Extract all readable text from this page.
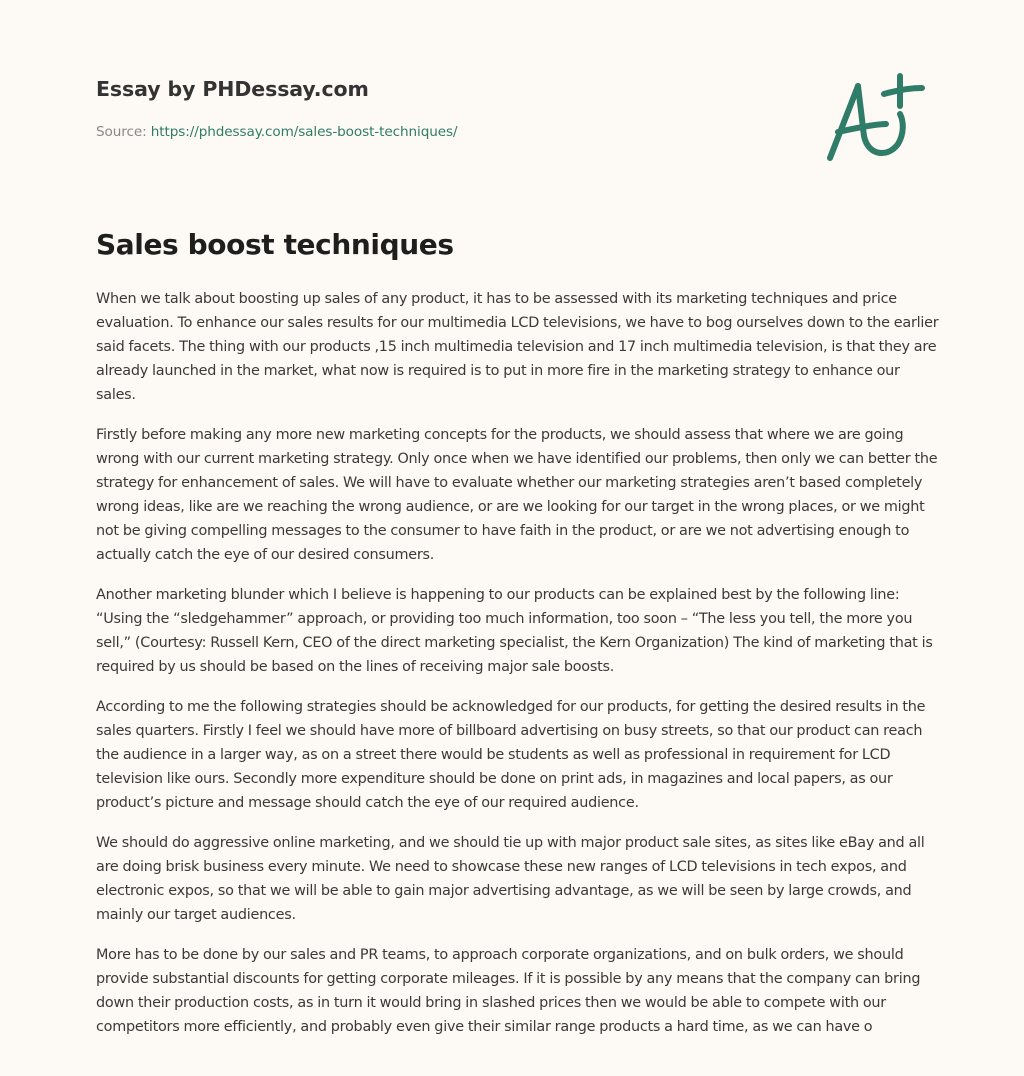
Essay by PHDessay.com
Source: https://phdessay.com/sales-boost-techniques/
Sales boost techniques

When we talk about boosting up sales of any product, it has to be assessed with its marketing techniques and price evaluation. To enhance our sales results for our multimedia LCD televisions, we have to bog ourselves down to the earlier said facets. The thing with our products ,15 inch multimedia television and 17 inch multimedia television, is that they are already launched in the market, what now is required is to put in more fire in the marketing strategy to enhance our sales.

Firstly before making any more new marketing concepts for the products, we should assess that where we are going wrong with our current marketing strategy. Only once when we have identified our problems, then only we can better the strategy for enhancement of sales. We will have to evaluate whether our marketing strategies aren’t based completely wrong ideas, like are we reaching the wrong audience, or are we looking for our target in the wrong places, or we might not be giving compelling messages to the consumer to have faith in the product, or are we not advertising enough to actually catch the eye of our desired consumers.

Another marketing blunder which I believe is happening to our products can be explained best by the following line: “Using the “sledgehammer” approach, or providing too much information, too soon – “The less you tell, the more you sell,” (Courtesy: Russell Kern, CEO of the direct marketing specialist, the Kern Organization) The kind of marketing that is required by us should be based on the lines of receiving major sale boosts.

According to me the following strategies should be acknowledged for our products, for getting the desired results in the sales quarters. Firstly I feel we should have more of billboard advertising on busy streets, so that our product can reach the audience in a larger way, as on a street there would be students as well as professional in requirement for LCD television like ours. Secondly more expenditure should be done on print ads, in magazines and local papers, as our product’s picture and message should catch the eye of our required audience.

We should do aggressive online marketing, and we should tie up with major product sale sites, as sites like eBay and all are doing brisk business every minute. We need to showcase these new ranges of LCD televisions in tech expos, and electronic expos, so that we will be able to gain major advertising advantage, as we will be seen by large crowds, and mainly our target audiences.

More has to be done by our sales and PR teams, to approach corporate organizations, and on bulk orders, we should provide substantial discounts for getting corporate mileages. If it is possible by any means that the company can bring down their production costs, as in turn it would bring in slashed prices then we would be able to compete with our competitors more efficiently, and probably even give their similar range products a hard time, as we can have o
